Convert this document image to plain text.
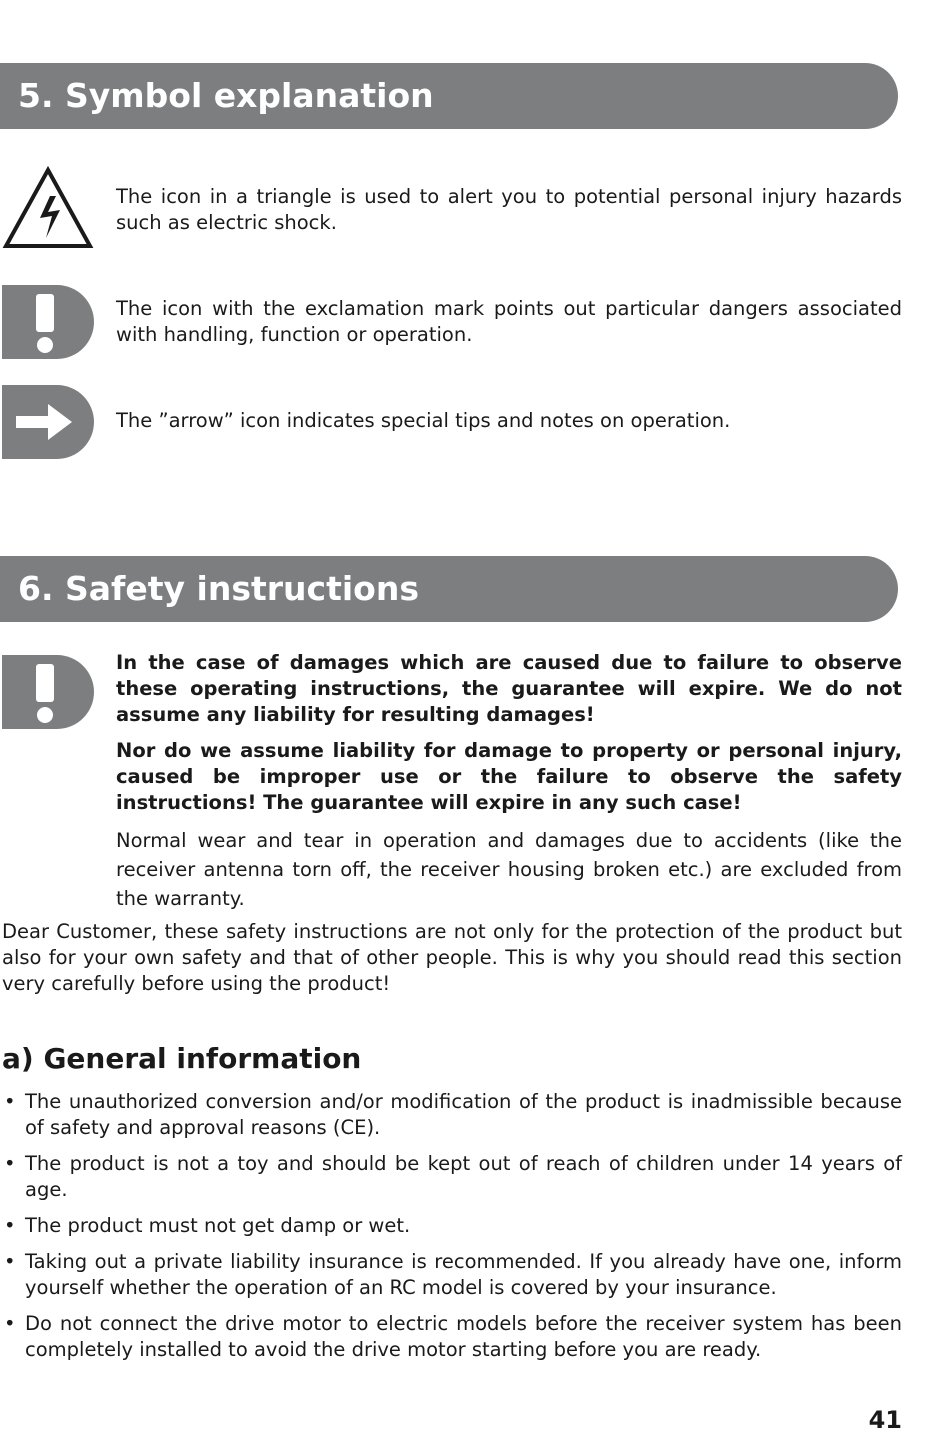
5. Symbol explanation
The icon in a triangle is used to alert you to potential personal injury hazards such as electric shock.
The icon with the exclamation mark points out particular dangers associated with handling, function or operation.
The ”arrow” icon indicates special tips and notes on operation.
6. Safety instructions

In the case of damages which are caused due to failure to observe these operating instructions, the guarantee will expire. We do not assume any liability for resulting damages!

Nor do we assume liability for damage to property or personal injury, caused be improper use or the failure to observe the safety instructions! The guarantee will expire in any such case!

Normal wear and tear in operation and damages due to accidents (like the receiver antenna torn off, the receiver housing broken etc.) are excluded from the warranty.

Dear Customer, these safety instructions are not only for the protection of the product but also for your own safety and that of other people. This is why you should read this section very carefully before using the product!
a) General information
• The unauthorized conversion and/or modification of the product is inadmissible because of safety and approval reasons (CE).
• The product is not a toy and should be kept out of reach of children under 14 years of age.
• The product must not get damp or wet.
• Taking out a private liability insurance is recommended. If you already have one, inform yourself whether the operation of an RC model is covered by your insurance.
• Do not connect the drive motor to electric models before the receiver system has been completely installed to avoid the drive motor starting before you are ready.
41
